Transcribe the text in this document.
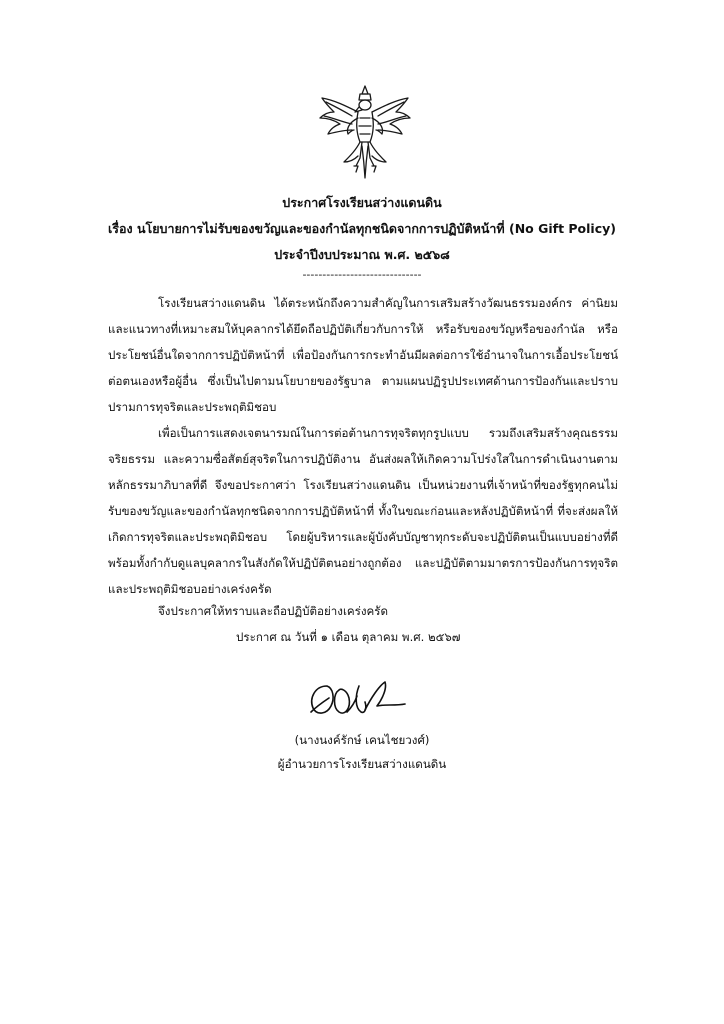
ประกาศโรงเรียนสว่างแดนดิน
เรื่อง นโยบายการไม่รับของขวัญและของกำนัลทุกชนิดจากการปฏิบัติหน้าที่ (No Gift Policy)
ประจำปีงบประมาณ พ.ศ. ๒๕๖๘
------------------------------

โรงเรียนสว่างแดนดิน ได้ตระหนักถึงความสำคัญในการเสริมสร้างวัฒนธรรมองค์กร ค่านิยม และแนวทางที่เหมาะสมให้บุคลากรได้ยึดถือปฏิบัติเกี่ยวกับการให้ หรือรับของขวัญหรือของกำนัล หรือประโยชน์อื่นใดจากการปฏิบัติหน้าที่ เพื่อป้องกันการกระทำอันมีผลต่อการใช้อำนาจในการเอื้อประโยชน์ต่อตนเองหรือผู้อื่น ซึ่งเป็นไปตามนโยบายของรัฐบาล ตามแผนปฏิรูปประเทศด้านการป้องกันและปราบปรามการทุจริตและประพฤติมิชอบ

เพื่อเป็นการแสดงเจตนารมณ์ในการต่อต้านการทุจริตทุกรูปแบบ รวมถึงเสริมสร้างคุณธรรมจริยธรรม และความซื่อสัตย์สุจริตในการปฏิบัติงาน อันส่งผลให้เกิดความโปร่งใสในการดำเนินงานตามหลักธรรมาภิบาลที่ดี จึงขอประกาศว่า โรงเรียนสว่างแดนดิน เป็นหน่วยงานที่เจ้าหน้าที่ของรัฐทุกคนไม่รับของขวัญและของกำนัลทุกชนิดจากการปฏิบัติหน้าที่ ทั้งในขณะก่อนและหลังปฏิบัติหน้าที่ ที่จะส่งผลให้เกิดการทุจริตและประพฤติมิชอบ โดยผู้บริหารและผู้บังคับบัญชาทุกระดับจะปฏิบัติตนเป็นแบบอย่างที่ดี พร้อมทั้งกำกับดูแลบุคลากรในสังกัดให้ปฏิบัติตนอย่างถูกต้อง และปฏิบัติตามมาตรการป้องกันการทุจริตและประพฤติมิชอบอย่างเคร่งครัด

จึงประกาศให้ทราบและถือปฏิบัติอย่างเคร่งครัด
ประกาศ ณ วันที่ ๑ เดือน ตุลาคม พ.ศ. ๒๕๖๗
(นางนงค์รักษ์ เคนไชยวงศ์)
ผู้อำนวยการโรงเรียนสว่างแดนดิน
